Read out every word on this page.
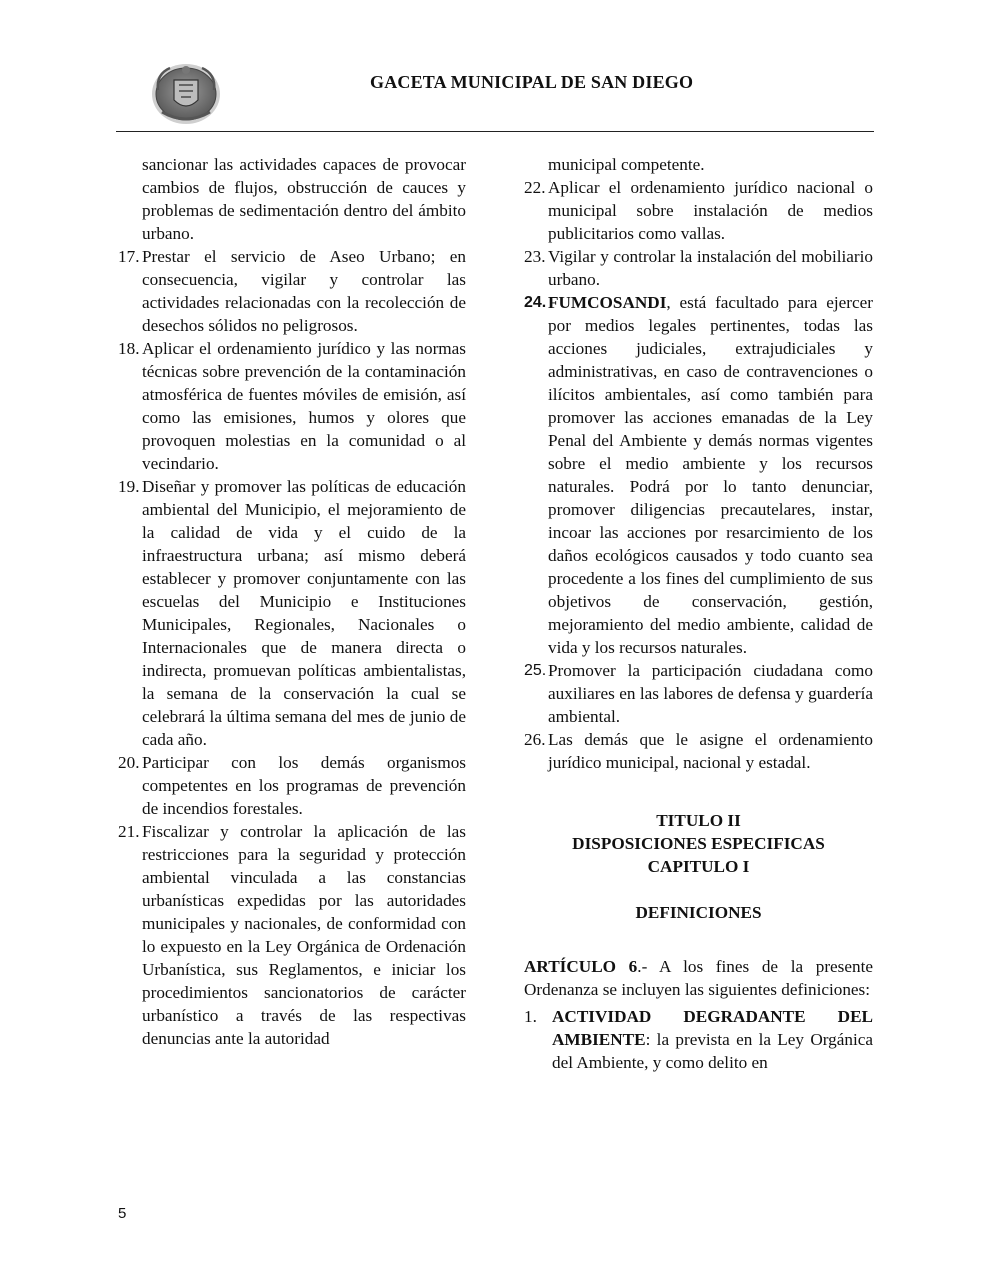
GACETA MUNICIPAL DE SAN DIEGO

sancionar las actividades capaces de provocar cambios de flujos, obstrucción de cauces y problemas de sedimentación dentro del ámbito urbano.

17. Prestar el servicio de Aseo Urbano; en consecuencia, vigilar y controlar las actividades relacionadas con la recolección de desechos sólidos no peligrosos.
18. Aplicar el ordenamiento jurídico y las normas técnicas sobre prevención de la contaminación atmosférica de fuentes móviles de emisión, así como las emisiones, humos y olores que provoquen molestias en la comunidad o al vecindario.
19. Diseñar y promover las políticas de educación ambiental del Municipio, el mejoramiento de la calidad de vida y el cuido de la infraestructura urbana; así mismo deberá establecer y promover conjuntamente con las escuelas del Municipio e Instituciones Municipales, Regionales, Nacionales o Internacionales que de manera directa o indirecta, promuevan políticas ambientalistas, la semana de la conservación la cual se celebrará la última semana del mes de junio de cada año.
20. Participar con los demás organismos competentes en los programas de prevención de incendios forestales.
21. Fiscalizar y controlar la aplicación de las restricciones para la seguridad y protección ambiental vinculada a las constancias urbanísticas expedidas por las autoridades municipales y nacionales, de conformidad con lo expuesto en la Ley Orgánica de Ordenación Urbanística, sus Reglamentos, e iniciar los procedimientos sancionatorios de carácter urbanístico a través de las respectivas denuncias ante la autoridad

municipal competente.

22. Aplicar el ordenamiento jurídico nacional o municipal sobre instalación de medios publicitarios como vallas.
23. Vigilar y controlar la instalación del mobiliario urbano.
24. FUMCOSANDI, está facultado para ejercer por medios legales pertinentes, todas las acciones judiciales, extrajudiciales y administrativas, en caso de contravenciones o ilícitos ambientales, así como también para promover las acciones emanadas de la Ley Penal del Ambiente y demás normas vigentes sobre el medio ambiente y los recursos naturales. Podrá por lo tanto denunciar, promover diligencias precautelares, instar, incoar las acciones por resarcimiento de los daños ecológicos causados y todo cuanto sea procedente a los fines del cumplimiento de sus objetivos de conservación, gestión, mejoramiento del medio ambiente, calidad de vida y los recursos naturales.
25. Promover la participación ciudadana como auxiliares en las labores de defensa y guardería ambiental.
26. Las demás que le asigne el ordenamiento jurídico municipal, nacional y estadal.

TITULO II

DISPOSICIONES ESPECIFICAS

CAPITULO I

DEFINICIONES

ARTÍCULO 6.- A los fines de la presente Ordenanza se incluyen las siguientes definiciones:

1. ACTIVIDAD DEGRADANTE DEL AMBIENTE: la prevista en la Ley Orgánica del Ambiente, y como delito en
5
